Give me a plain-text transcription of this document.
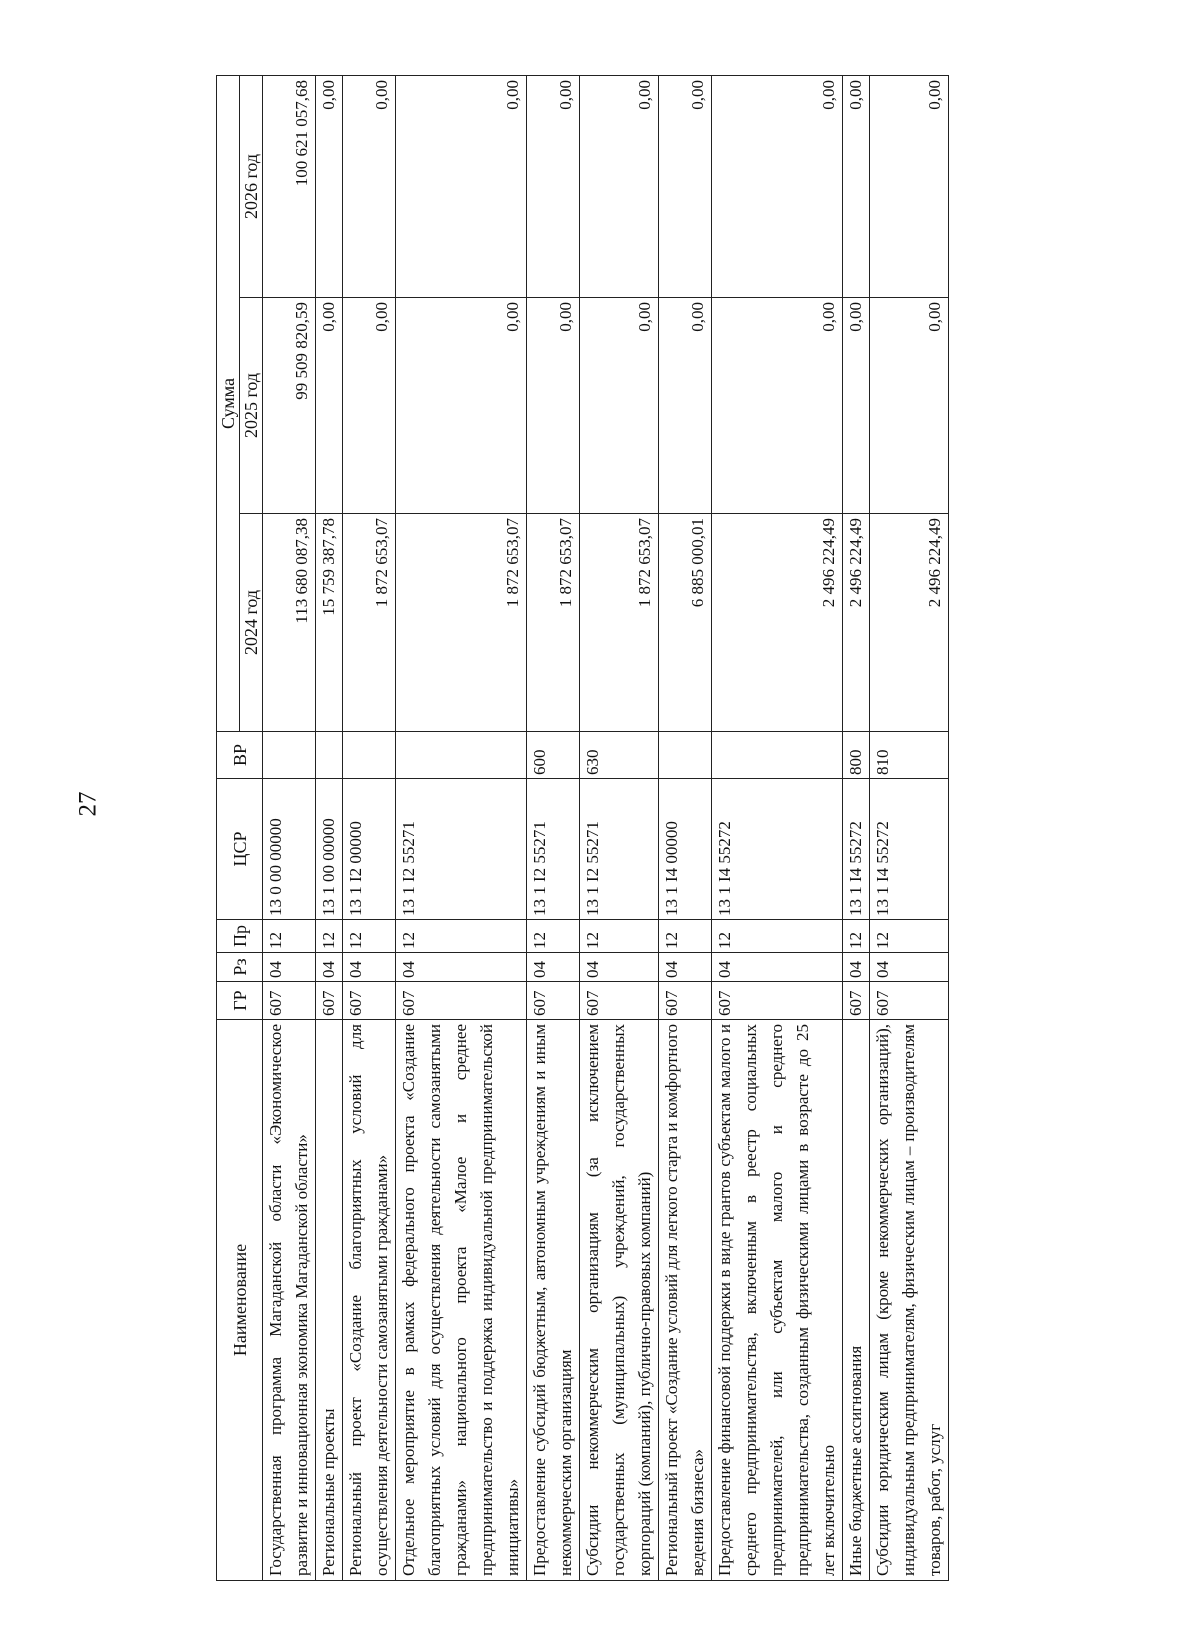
27
Наименование	ГР	Рз	Пр	ЦСР	ВР	Сумма		
						2024 год	2025 год	2026 год
Государственная программа Магаданской области «Экономическое развитие и инновационная экономика Магаданской области»	607	04	12	13 0 00 00000		113 680 087,38	99 509 820,59	100 621 057,68
Региональные проекты	607	04	12	13 1 00 00000		15 759 387,78	0,00	0,00
Региональный проект «Создание благоприятных условий для осуществления деятельности самозанятыми гражданами»	607	04	12	13 1 I2 00000		1 872 653,07	0,00	0,00
Отдельное мероприятие в рамках федерального проекта «Создание благоприятных условий для осуществления деятельности самозанятыми гражданами» национального проекта «Малое и среднее предпринимательство и поддержка индивидуальной предпринимательской инициативы»	607	04	12	13 1 I2 55271		1 872 653,07	0,00	0,00
Предоставление субсидий бюджетным, автономным учреждениям и иным некоммерческим организациям	607	04	12	13 1 I2 55271	600	1 872 653,07	0,00	0,00
Субсидии некоммерческим организациям (за исключением государственных (муниципальных) учреждений, государственных корпораций (компаний), публично-правовых компаний)	607	04	12	13 1 I2 55271	630	1 872 653,07	0,00	0,00
Региональный проект «Создание условий для легкого старта и комфортного ведения бизнеса»	607	04	12	13 1 I4 00000		6 885 000,01	0,00	0,00
Предоставление финансовой поддержки в виде грантов субъектам малого и среднего предпринимательства, включенным в реестр социальных предпринимателей, или субъектам малого и среднего предпринимательства, созданным физическими лицами в возрасте до 25 лет включительно	607	04	12	13 1 I4 55272		2 496 224,49	0,00	0,00
Иные бюджетные ассигнования	607	04	12	13 1 I4 55272	800	2 496 224,49	0,00	0,00
Субсидии юридическим лицам (кроме некоммерческих организаций), индивидуальным предпринимателям, физическим лицам – производителям товаров, работ, услуг	607	04	12	13 1 I4 55272	810	2 496 224,49	0,00	0,00
